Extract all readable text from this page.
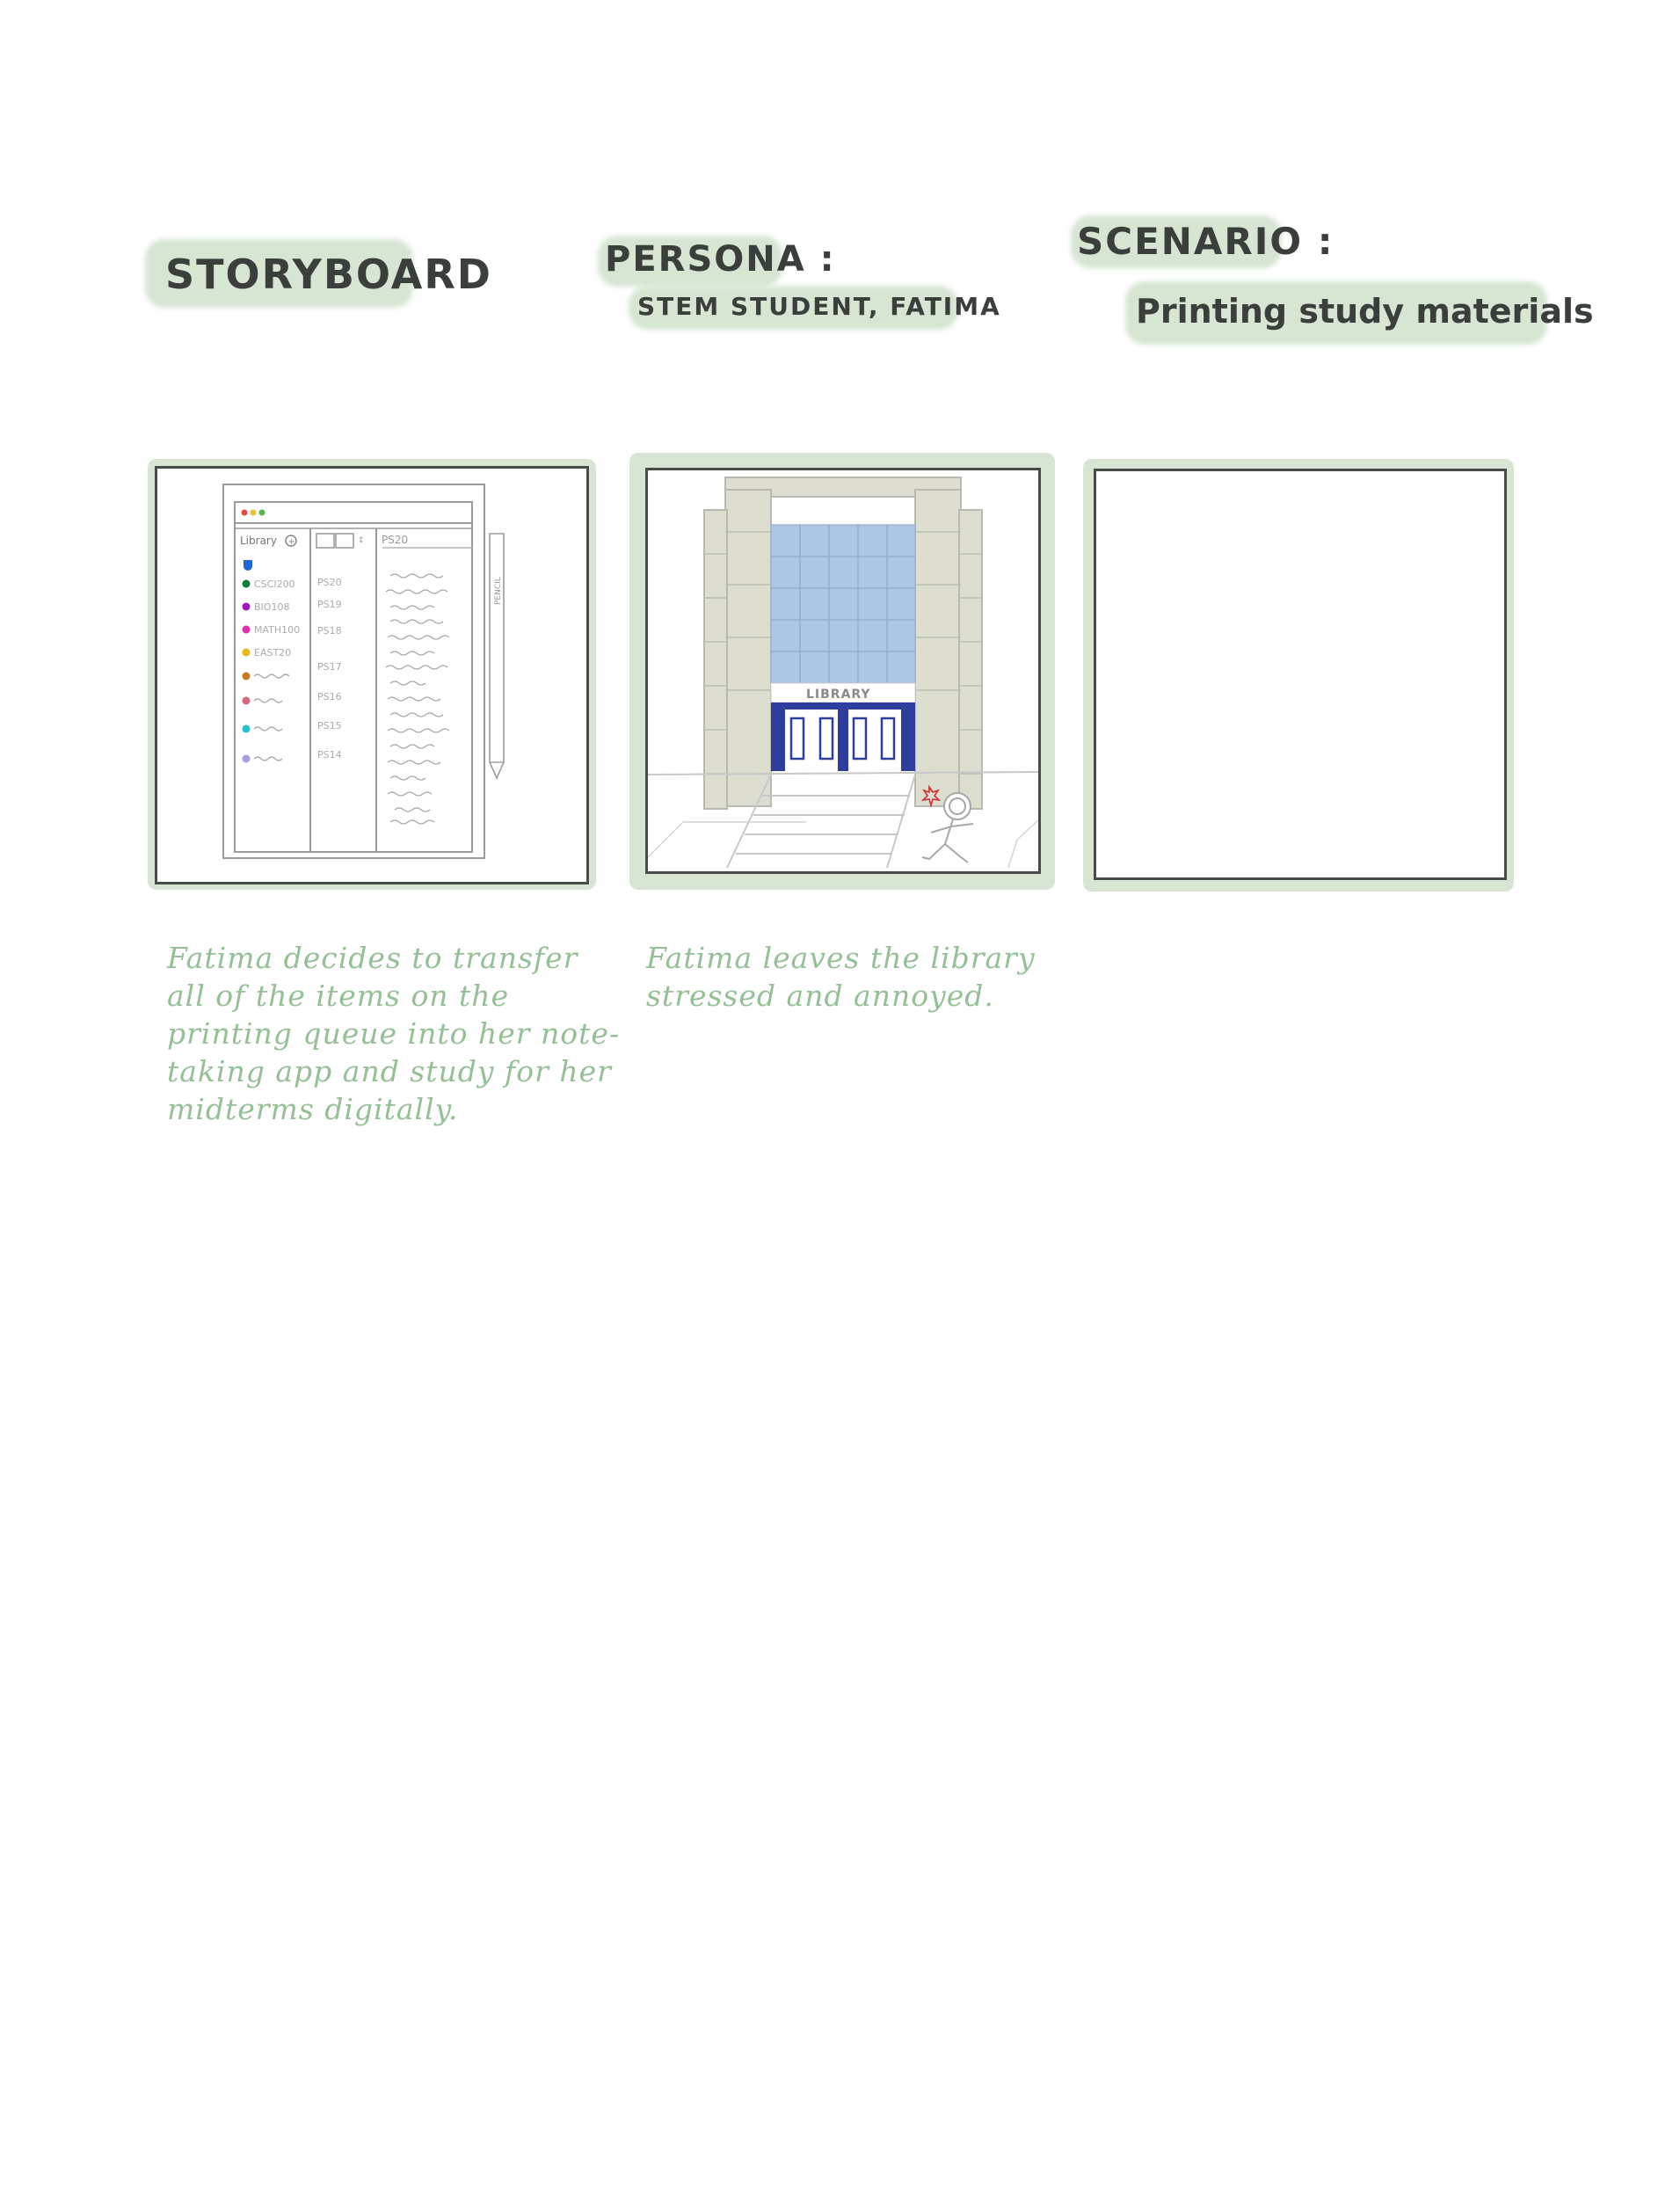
STORYBOARD	PERSONA :
STEM STUDENT, FATIMA
SCENARIO :
Printing study materials
Library +	↕ PS20
CSCI200
BIO108
MATH100
EAST20
PS20
PS19
PS18
PS17
PS16
PS15
PS14
PENCIL
Fatima decides to transfer all of the items on the printing queue into her note-taking app and study for her midterms digitally.
LIBRARY
Fatima leaves the library stressed and annoyed.
